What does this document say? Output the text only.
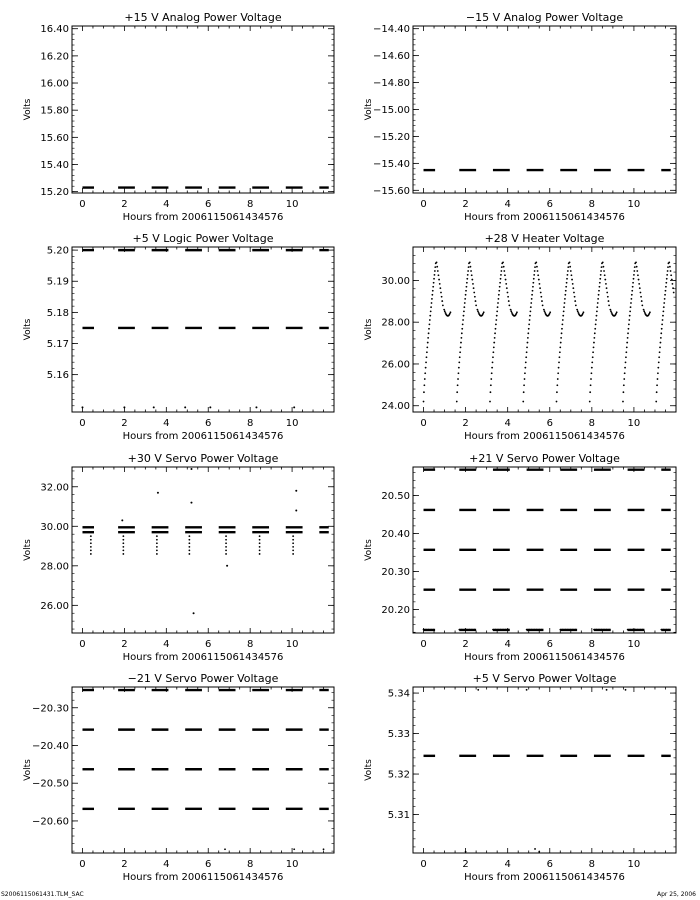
+15 V Analog Power Voltage
Hours from 2006115061434576
Volts
0	2	4	6	8	10
15.20
15.40
15.60
15.80
16.00
16.20
16.40
−15 V Analog Power Voltage
Hours from 2006115061434576
Volts
0	2	4	6	8	10
−14.40
−14.60
−14.80
−15.00
−15.20
−15.40
−15.60
+5 V Logic Power Voltage
Hours from 2006115061434576
Volts
0	2	4	6	8	10
5.16
5.17
5.18
5.19
5.20
+28 V Heater Voltage
Hours from 2006115061434576
Volts
0	2	4	6	8	10
24.00
26.00
28.00
30.00
+30 V Servo Power Voltage
Hours from 2006115061434576
Volts
0	2	4	6	8	10
26.00
28.00
30.00
32.00
+21 V Servo Power Voltage
Hours from 2006115061434576
Volts
0	2	4	6	8	10
20.20
20.30
20.40
20.50
−21 V Servo Power Voltage
Hours from 2006115061434576
Volts
0	2	4	6	8	10
−20.30
−20.40
−20.50
−20.60
+5 V Servo Power Voltage
Hours from 2006115061434576
Volts
0	2	4	6	8	10
5.31
5.32
5.33
5.34
S2006115061431.TLM_SAC	Apr 25, 2006
